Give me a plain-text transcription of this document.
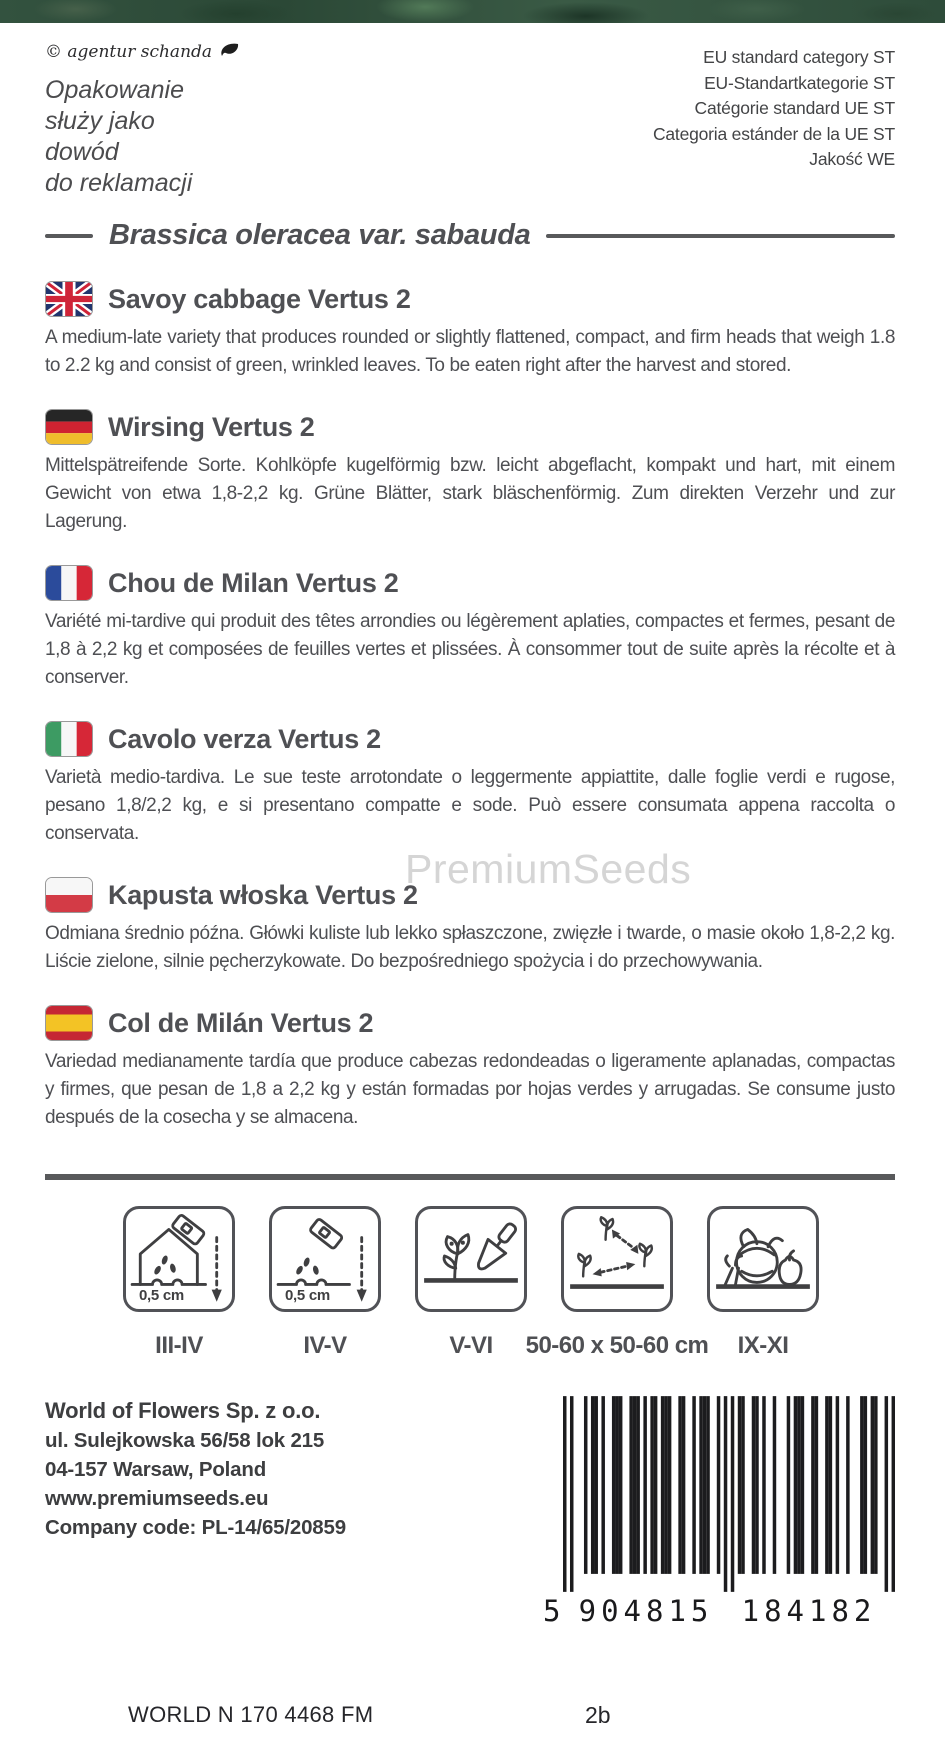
© agentur schanda
Opakowanie
służy jako
dowód
do reklamacji
EU standard category ST
EU-Standartkategorie ST
Catégorie standard UE ST
Categoria estánder de la UE ST
Jakość WE
Brassica oleracea var. sabauda
Savoy cabbage Vertus 2

A medium-late variety that produces rounded or slightly flattened, compact, and firm heads that weigh 1.8 to 2.2 kg and consist of green, wrinkled leaves. To be eaten right after the harvest and stored.

Wirsing Vertus 2

Mittelspätreifende Sorte. Kohlköpfe kugelförmig bzw. leicht abgeflacht, kompakt und hart, mit einem Gewicht von etwa 1,8-2,2 kg. Grüne Blätter, stark bläschenförmig. Zum direkten Verzehr und zur Lagerung.

Chou de Milan Vertus 2

Variété mi-tardive qui produit des têtes arrondies ou légèrement aplaties, compactes et fermes, pesant de 1,8 à 2,2 kg et composées de feuilles vertes et plissées. À consommer tout de suite après la récolte et à conserver.

Cavolo verza Vertus 2

Varietà medio-tardiva. Le sue teste arrotondate o leggermente appiattite, dalle foglie verdi e rugose, pesano 1,8/2,2 kg, e si presentano compatte e sode. Può essere consumata appena raccolta o conservata.

Kapusta włoska Vertus 2

Odmiana średnio późna. Główki kuliste lub lekko spłaszczone, zwięzłe i twarde, o masie około 1,8-2,2 kg. Liście zielone, silnie pęcherzykowate. Do bezpośredniego spożycia i do przechowywania.

Col de Milán Vertus 2

Variedad medianamente tardía que produce cabezas redondeadas o ligeramente aplanadas, compactas y firmes, que pesan de 1,8 a 2,2 kg y están formadas por hojas verdes y arrugadas. Se consume justo después de la cosecha y se almacena.

0,5 cm
III-IV
0,5 cm
IV-V	V-VI 50-60 x 50-60 cm IX-XI
World of Flowers Sp. z o.o.
ul. Sulejkowska 56/58 lok 215
04-157 Warsaw, Poland
www.premiumseeds.eu
Company code: PL-14/65/20859
5 904815 184182
PremiumSeeds
WORLD N 170 4468 FM	2b
